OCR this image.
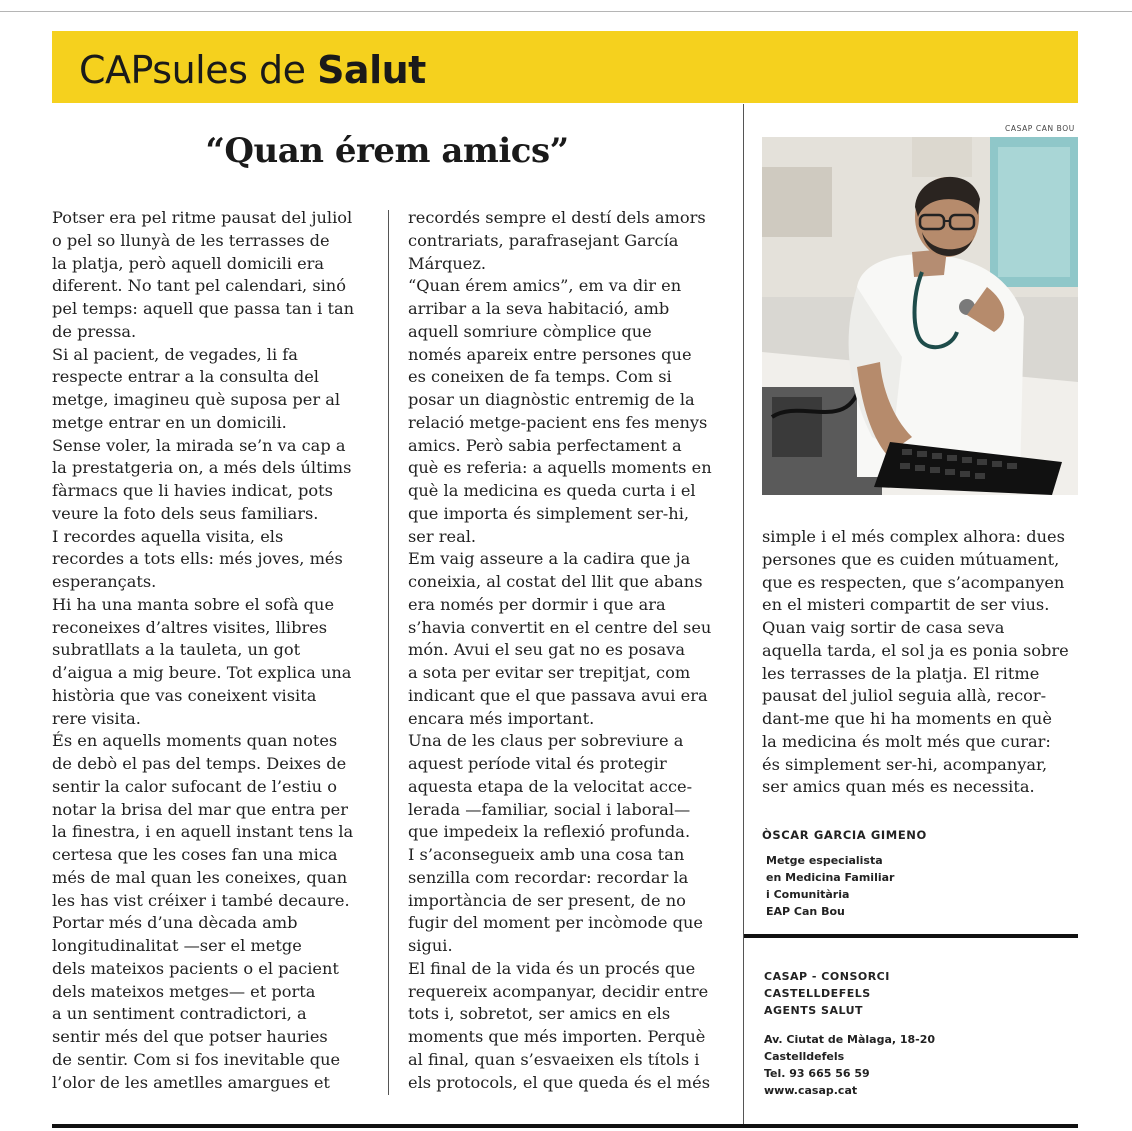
CAPsules de Salut
“Quan érem amics”
Potser era pel ritme pausat del juliol
o pel so llunyà de les terrasses de
la platja, però aquell domicili era
diferent. No tant pel calendari, sinó
pel temps: aquell que passa tan i tan
de pressa.
Si al pacient, de vegades, li fa
respecte entrar a la consulta del
metge, imagineu què suposa per al
metge entrar en un domicili.
Sense voler, la mirada se’n va cap a
la prestatgeria on, a més dels últims
fàrmacs que li havies indicat, pots
veure la foto dels seus familiars.
I recordes aquella visita, els
recordes a tots ells: més joves, més
esperançats.
Hi ha una manta sobre el sofà que
reconeixes d’altres visites, llibres
subratllats a la tauleta, un got
d’aigua a mig beure. Tot explica una
història que vas coneixent visita
rere visita.
És en aquells moments quan notes
de debò el pas del temps. Deixes de
sentir la calor sufocant de l’estiu o
notar la brisa del mar que entra per
la finestra, i en aquell instant tens la
certesa que les coses fan una mica
més de mal quan les coneixes, quan
les has vist créixer i també decaure.
Portar més d’una dècada amb
longitudinalitat —ser el metge
dels mateixos pacients o el pacient
dels mateixos metges— et porta
a un sentiment contradictori, a
sentir més del que potser hauries
de sentir. Com si fos inevitable que
l’olor de les ametlles amargues et
recordés sempre el destí dels amors
contrariats, parafrasejant García
Márquez.
“Quan érem amics”, em va dir en
arribar a la seva habitació, amb
aquell somriure còmplice que
només apareix entre persones que
es coneixen de fa temps. Com si
posar un diagnòstic entremig de la
relació metge-pacient ens fes menys
amics. Però sabia perfectament a
què es referia: a aquells moments en
què la medicina es queda curta i el
que importa és simplement ser-hi,
ser real.
Em vaig asseure a la cadira que ja
coneixia, al costat del llit que abans
era només per dormir i que ara
s’havia convertit en el centre del seu
món. Avui el seu gat no es posava
a sota per evitar ser trepitjat, com
indicant que el que passava avui era
encara més important.
Una de les claus per sobreviure a
aquest període vital és protegir
aquesta etapa de la velocitat acce-
lerada —familiar, social i laboral—
que impedeix la reflexió profunda.
I s’aconsegueix amb una cosa tan
senzilla com recordar: recordar la
importància de ser present, de no
fugir del moment per incòmode que
sigui.
El final de la vida és un procés que
requereix acompanyar, decidir entre
tots i, sobretot, ser amics en els
moments que més importen. Perquè
al final, quan s’esvaeixen els títols i
els protocols, el que queda és el més
CASAP CAN BOU
simple i el més complex alhora: dues
persones que es cuiden mútuament,
que es respecten, que s’acompanyen
en el misteri compartit de ser vius.
Quan vaig sortir de casa seva
aquella tarda, el sol ja es ponia sobre
les terrasses de la platja. El ritme
pausat del juliol seguia allà, recor-
dant-me que hi ha moments en què
la medicina és molt més que curar:
és simplement ser-hi, acompanyar,
ser amics quan més es necessita.
ÒSCAR GARCIA GIMENO
Metge especialista
en Medicina Familiar
i Comunitària
EAP Can Bou
CASAP - CONSORCI
CASTELLDEFELS
AGENTS SALUT
Av. Ciutat de Màlaga, 18-20
Castelldefels
Tel. 93 665 56 59
www.casap.cat
